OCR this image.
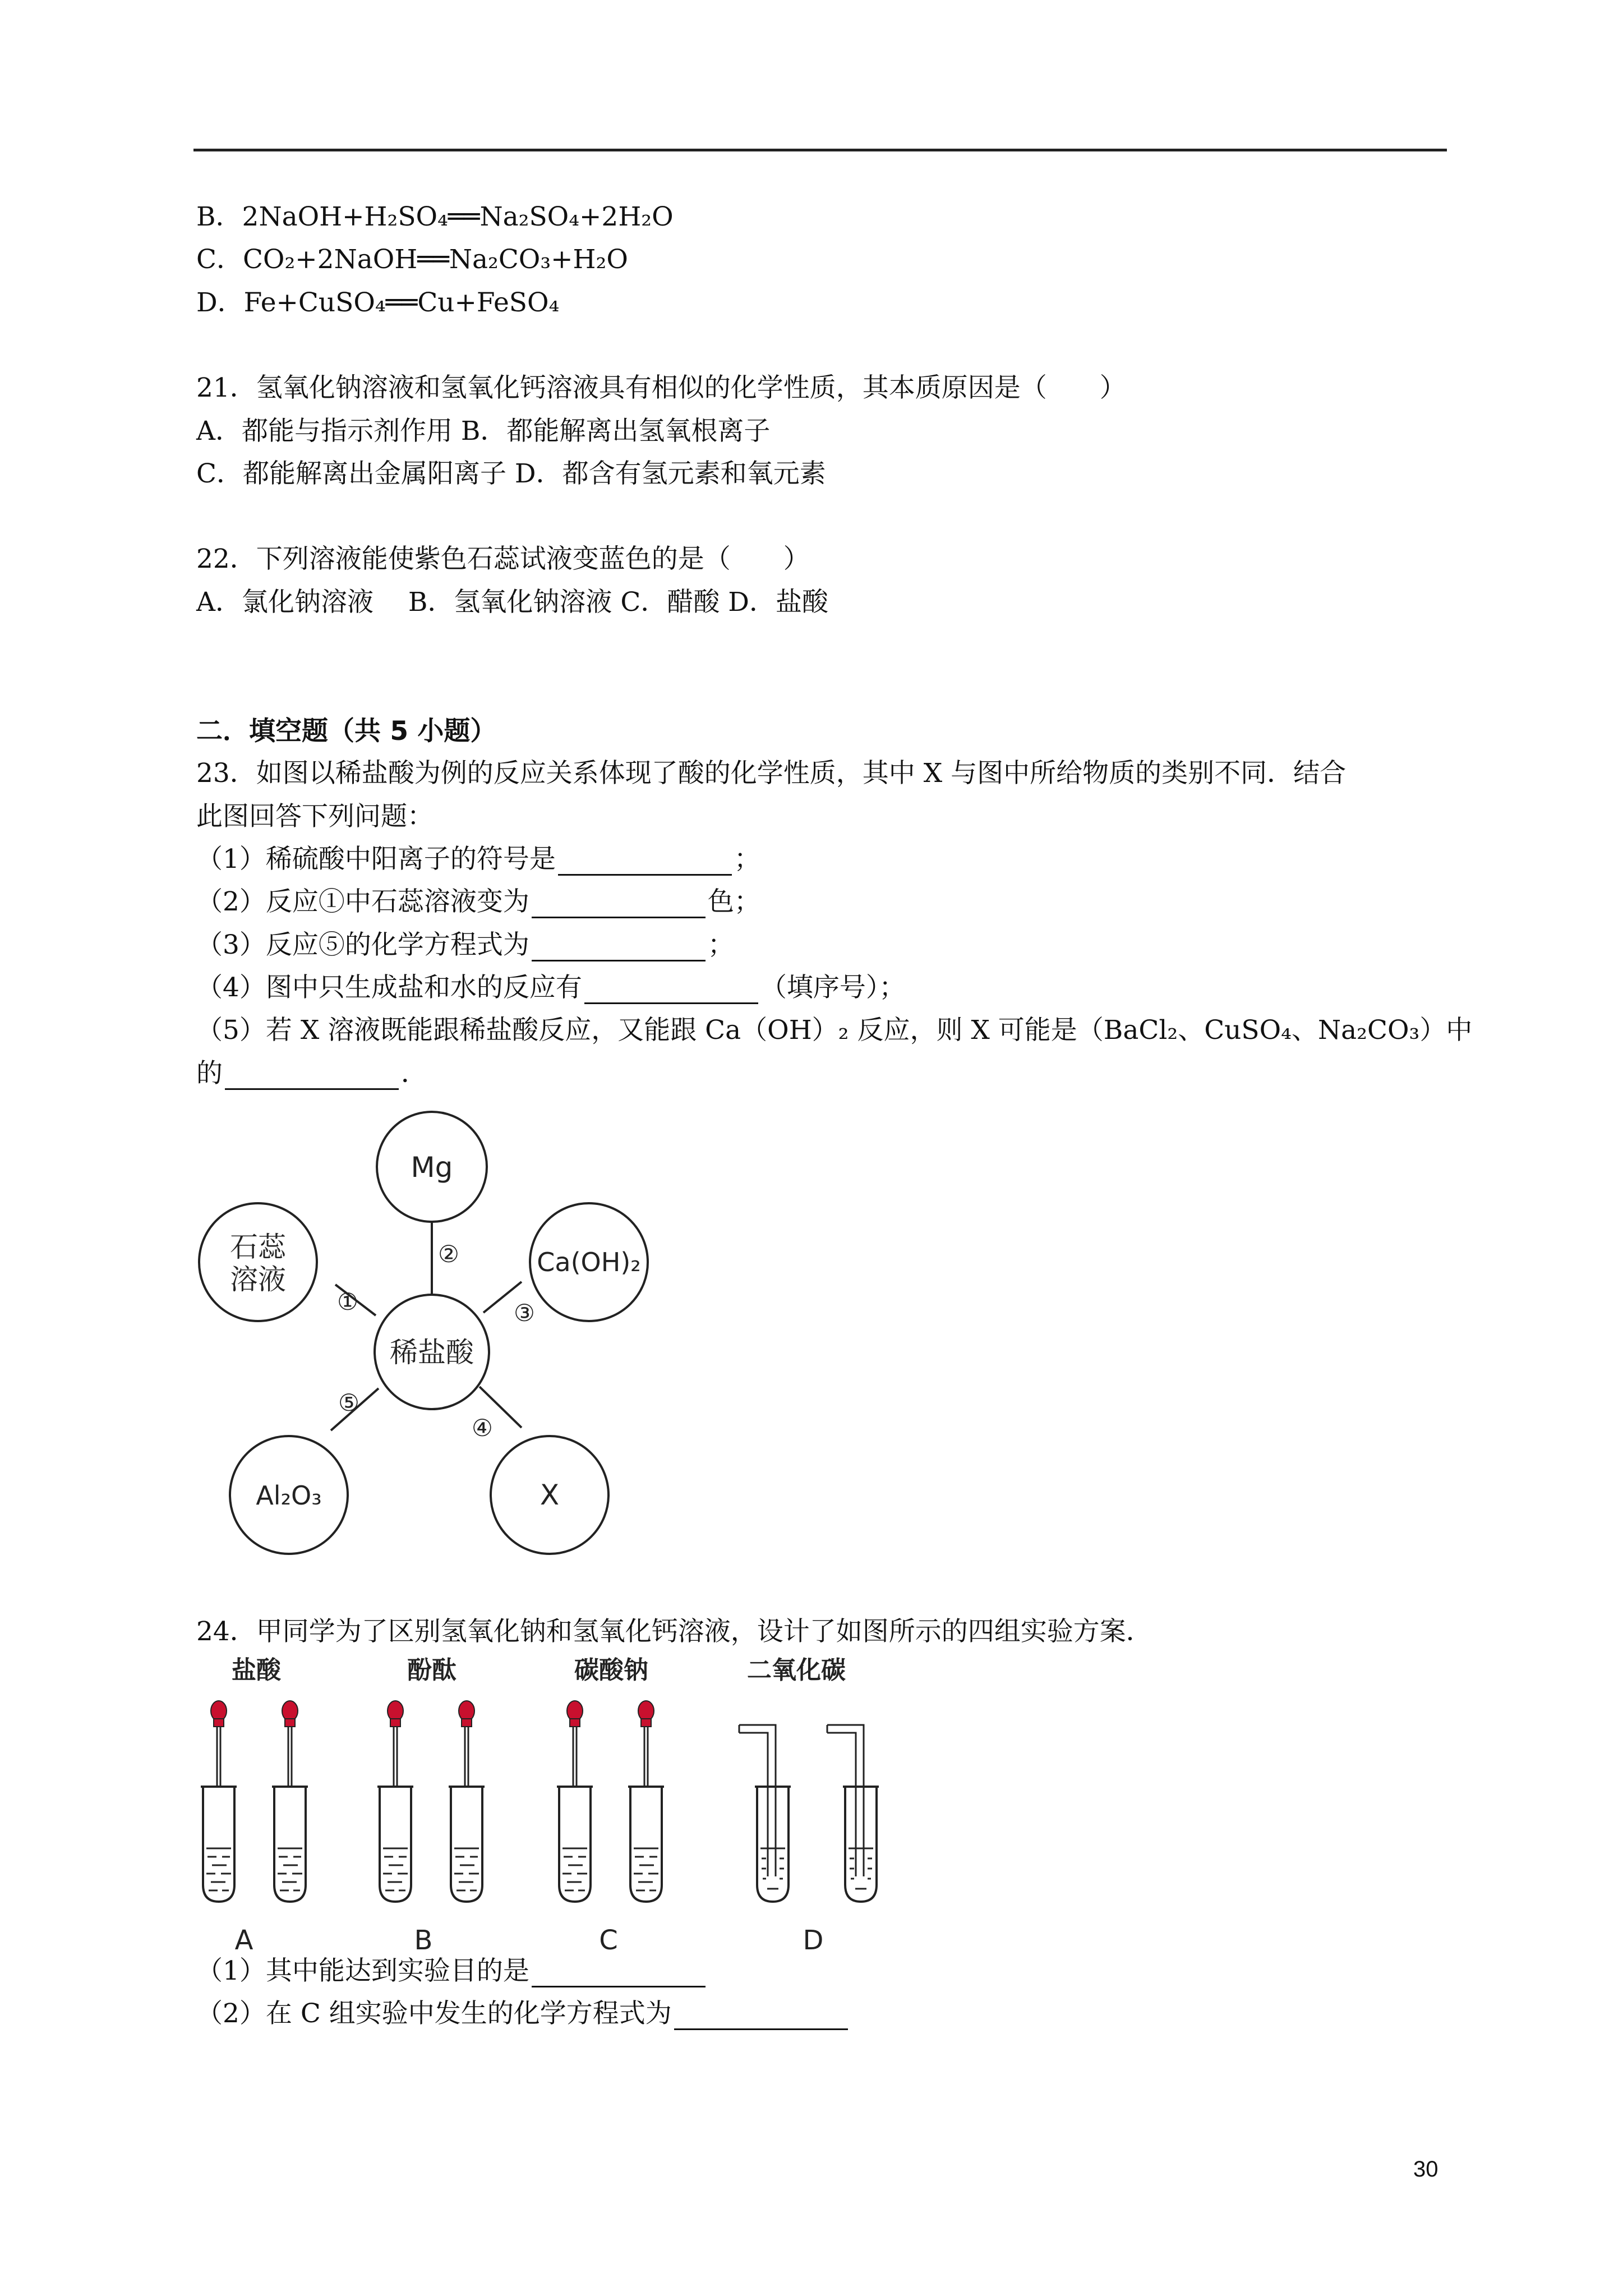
B．2NaOH+H₂SO₄══Na₂SO₄+2H₂O
C．CO₂+2NaOH══Na₂CO₃+H₂O
D．Fe+CuSO₄══Cu+FeSO₄
21．氢氧化钠溶液和氢氧化钙溶液具有相似的化学性质，其本质原因是（　　）
A．都能与指示剂作用 B．都能解离出氢氧根离子
C．都能解离出金属阳离子 D．都含有氢元素和氧元素
22．下列溶液能使紫色石蕊试液变蓝色的是（　　）
A．氯化钠溶液　 B．氢氧化钠溶液 C．醋酸 D．盐酸
二．填空题（共 5 小题）
23．如图以稀盐酸为例的反应关系体现了酸的化学性质，其中 X 与图中所给物质的类别不同．结合
此图回答下列问题：
（1）稀硫酸中阳离子的符号是	；
（2）反应①中石蕊溶液变为	色；
（3）反应⑤的化学方程式为	；
（4）图中只生成盐和水的反应有	（填序号）；
（5）若 X 溶液既能跟稀盐酸反应，又能跟 Ca（OH）₂ 反应，则 X 可能是（BaCl₂、CuSO₄、Na₂CO₃）中
的	．
Mg
石蕊
溶液
Ca(OH)₂
稀盐酸
Al₂O₃	X
①
②
③
④
⑤
24．甲同学为了区别氢氧化钠和氢氧化钙溶液，设计了如图所示的四组实验方案．
盐酸	酚酞	碳酸钠	二氧化碳
A	B	C	D
（1）其中能达到实验目的是
（2）在 C 组实验中发生的化学方程式为
30
